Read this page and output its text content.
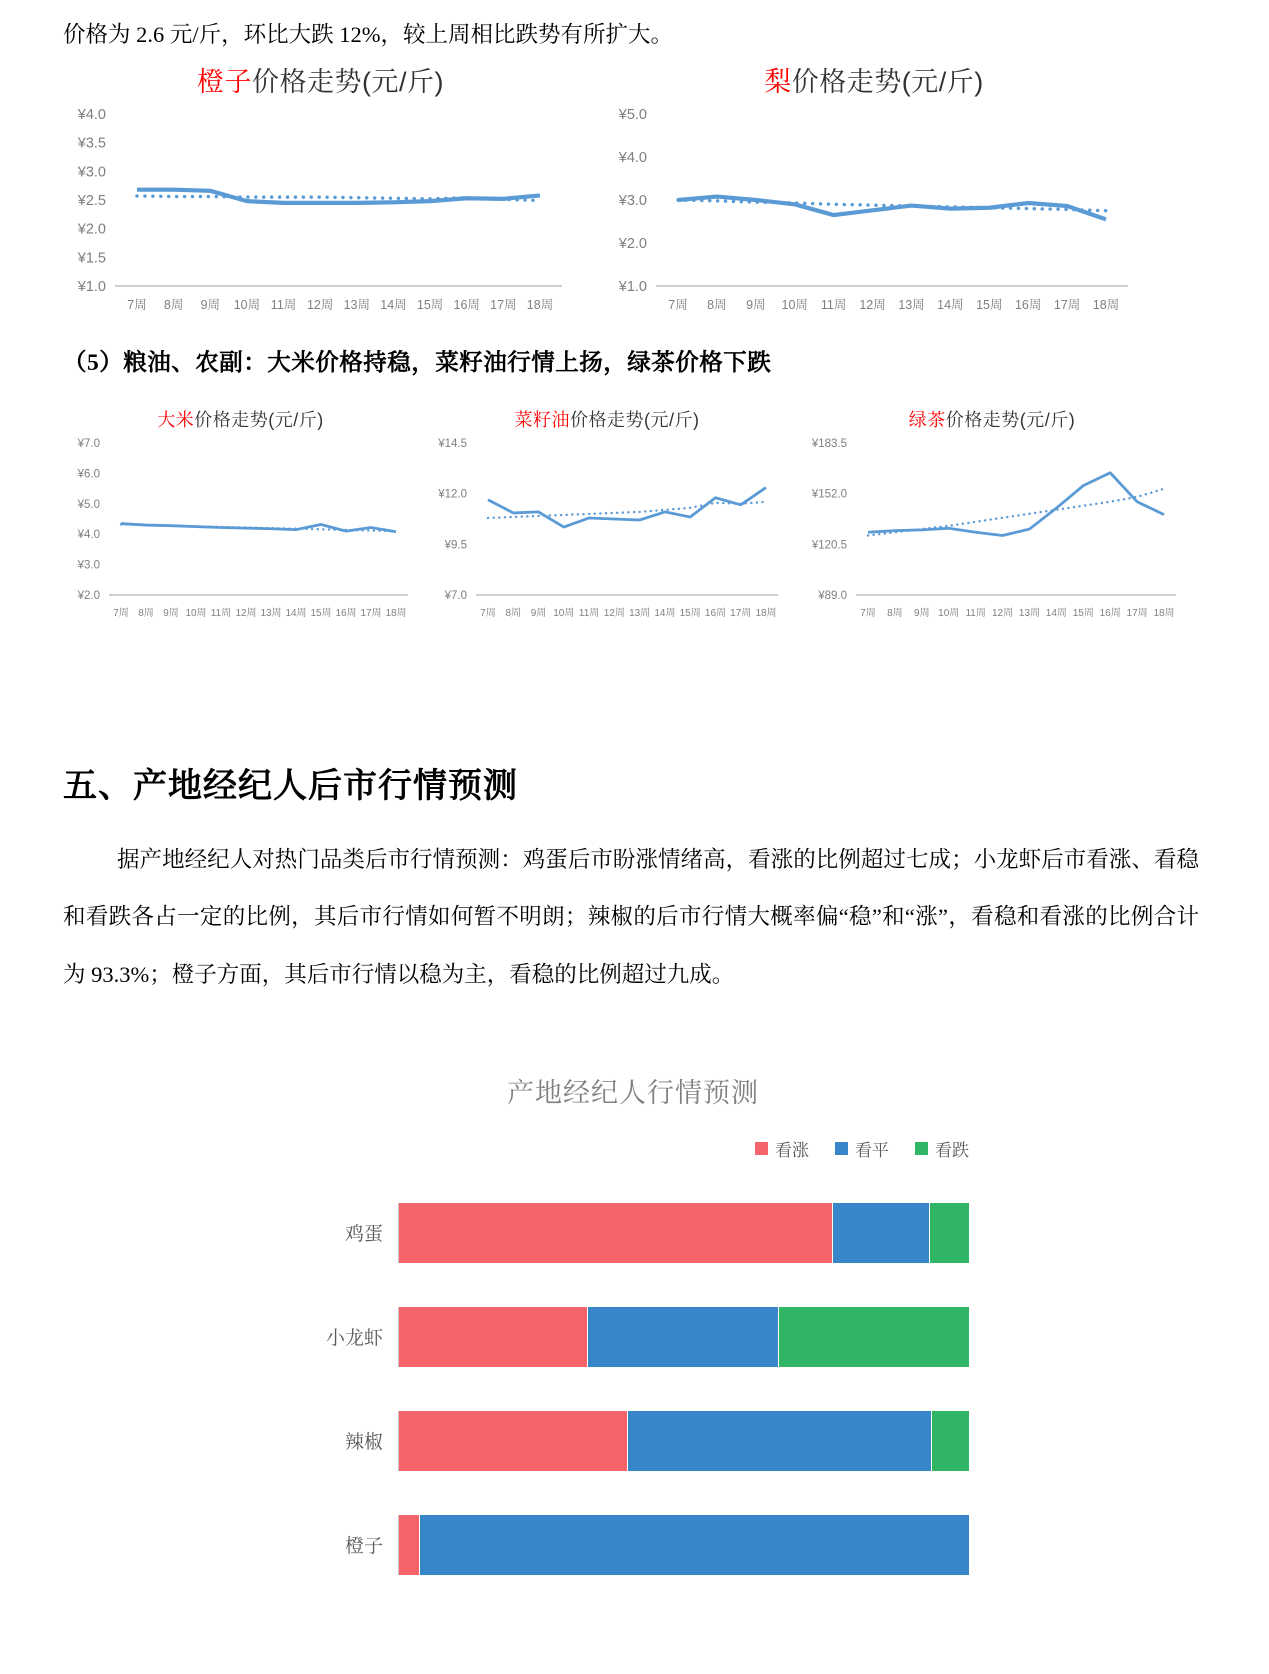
价格为 2.6 元/斤，环比大跌 12%，较上周相比跌势有所扩大。

橙子价格走势(元/斤)
¥4.0
¥3.5
¥3.0
¥2.5
¥2.0
¥1.5
¥1.0
7周 8周 9周 10周 11周 12周 13周 14周 15周 16周 17周 18周
梨价格走势(元/斤)
¥5.0
¥4.0
¥3.0
¥2.0
¥1.0
7周 8周 9周 10周 11周 12周 13周 14周 15周 16周 17周 18周
（5）粮油、农副：大米价格持稳，菜籽油行情上扬，绿茶价格下跌
大米价格走势(元/斤)
¥7.0
¥6.0
¥5.0
¥4.0
¥3.0
¥2.0
7周 8周 9周 10周 11周 12周 13周 14周 15周 16周 17周 18周
菜籽油价格走势(元/斤)
¥14.5
¥12.0
¥9.5
¥7.0
7周 8周 9周 10周 11周 12周 13周 14周 15周 16周 17周 18周
绿茶价格走势(元/斤)
¥183.5
¥152.0
¥120.5
¥89.0
7周 8周 9周 10周 11周 12周 13周 14周 15周 16周 17周 18周
五、产地经纪人后市行情预测

据产地经纪人对热门品类后市行情预测：鸡蛋后市盼涨情绪高，看涨的比例超过七成；小龙虾后市看涨、看稳和看跌各占一定的比例，其后市行情如何暂不明朗；辣椒的后市行情大概率偏“稳”和“涨”，看稳和看涨的比例合计为 93.3%；橙子方面，其后市行情以稳为主，看稳的比例超过九成。

产地经纪人行情预测
看涨	看平	看跌
鸡蛋
小龙虾
辣椒
橙子
